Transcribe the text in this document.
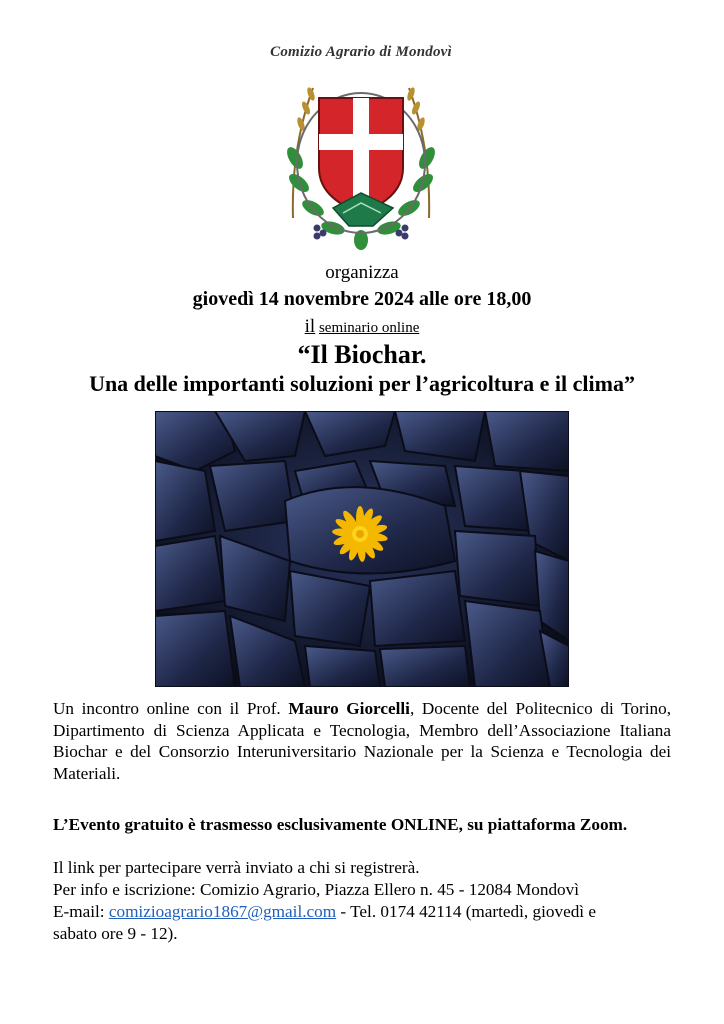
Comizio Agrario di Mondovì
organizza
giovedì 14 novembre 2024 alle ore 18,00
il seminario online
“Il Biochar.
Una delle importanti soluzioni per l’agricoltura e il clima”
Un incontro online con il Prof. Mauro Giorcelli, Docente del Politecnico di Torino, Dipartimento di Scienza Applicata e Tecnologia, Membro dell’Associazione Italiana Biochar e del Consorzio Interuniversitario Nazionale per la Scienza e Tecnologia dei Materiali.
L’Evento gratuito è trasmesso esclusivamente ONLINE, su piattaforma Zoom.
Il link per partecipare verrà inviato a chi si registrerà.
Per info e iscrizione: Comizio Agrario, Piazza Ellero n. 45 - 12084 Mondovì
E-mail: comizioagrario1867@gmail.com - Tel. 0174 42114 (martedì, giovedì e
sabato ore 9 - 12).
